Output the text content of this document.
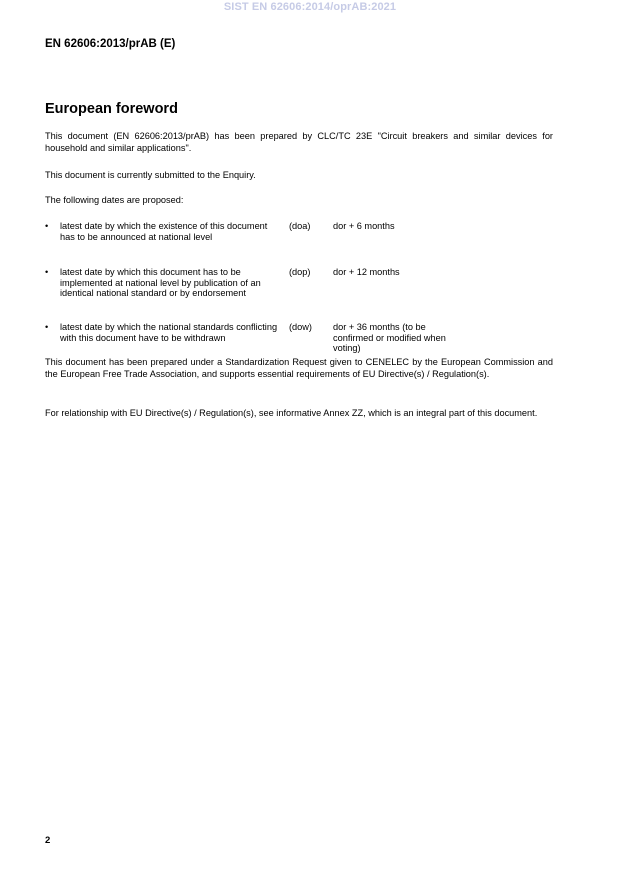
SIST EN 62606:2014/oprAB:2021
EN 62606:2013/prAB (E)
European foreword
This document (EN 62606:2013/prAB) has been prepared by CLC/TC 23E "Circuit breakers and similar devices for household and similar applications".
This document is currently submitted to the Enquiry.
The following dates are proposed:
• latest date by which the existence of this document has to be announced at national level
(doa) dor + 6 months
• latest date by which this document has to be implemented at national level by publication of an identical national standard or by endorsement
(dop) dor + 12 months
• latest date by which the national standards conflicting with this document have to be withdrawn
(dow) dor + 36 months (to be confirmed or modified when voting)
This document has been prepared under a Standardization Request given to CENELEC by the European Commission and the European Free Trade Association, and supports essential requirements of EU Directive(s) / Regulation(s).
For relationship with EU Directive(s) / Regulation(s), see informative Annex ZZ, which is an integral part of this document.
2
